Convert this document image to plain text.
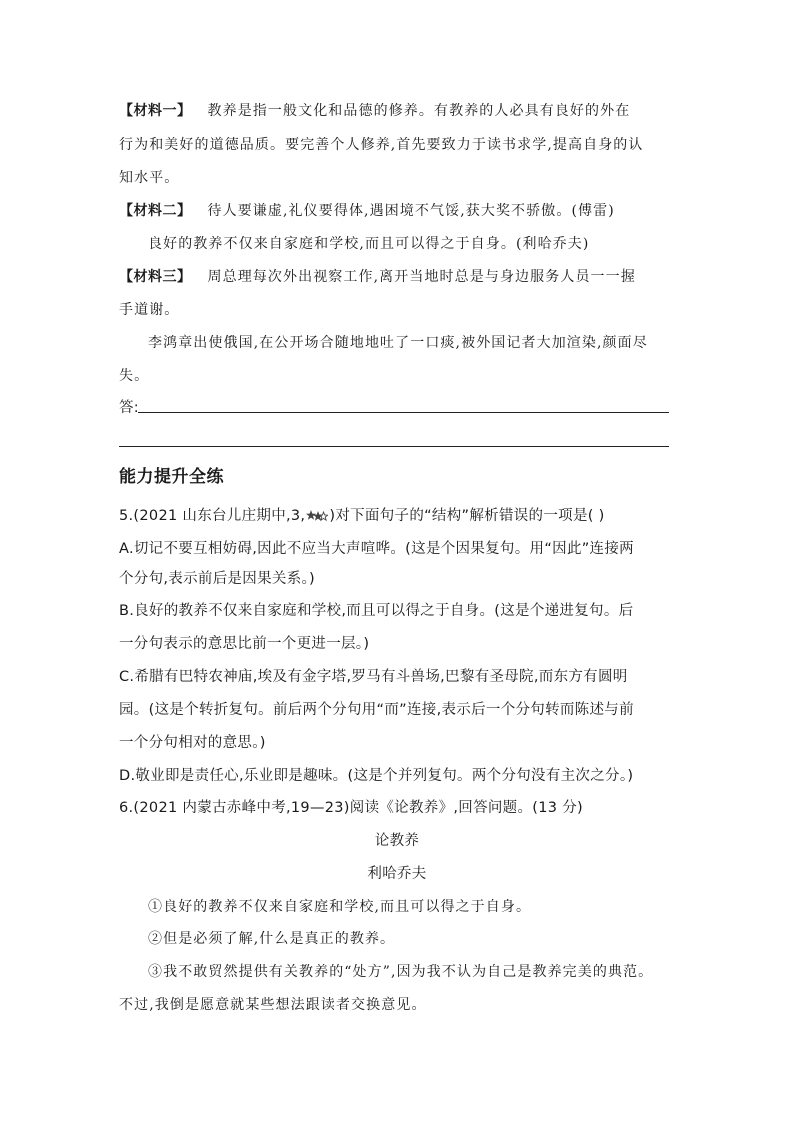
【材料一】 教养是指一般文化和品德的修养。有教养的人必具有良好的外在
行为和美好的道德品质。要完善个人修养,首先要致力于读书求学,提高自身的认
知水平。
【材料二】 待人要谦虚,礼仪要得体,遇困境不气馁,获大奖不骄傲。(傅雷)
良好的教养不仅来自家庭和学校,而且可以得之于自身。(利哈乔夫)
【材料三】 周总理每次外出视察工作,离开当地时总是与身边服务人员一一握
手道谢。
李鸿章出使俄国,在公开场合随地地吐了一口痰,被外国记者大加渲染,颜面尽
失。
答:
能力提升全练
5.(2021 山东台儿庄期中,3, )对下面句子的“结构”解析错误的一项是( )
A.切记不要互相妨碍,因此不应当大声喧哗。(这是个因果复句。用“因此”连接两
个分句,表示前后是因果关系。)
B.良好的教养不仅来自家庭和学校,而且可以得之于自身。(这是个递进复句。后
一分句表示的意思比前一个更进一层。)
C.希腊有巴特农神庙,埃及有金字塔,罗马有斗兽场,巴黎有圣母院,而东方有圆明
园。(这是个转折复句。前后两个分句用“而”连接,表示后一个分句转而陈述与前
一个分句相对的意思。)
D.敬业即是责任心,乐业即是趣味。(这是个并列复句。两个分句没有主次之分。)
6.(2021 内蒙古赤峰中考,19—23)阅读《论教养》,回答问题。(13 分)
论教养
利哈乔夫
①良好的教养不仅来自家庭和学校,而且可以得之于自身。
②但是必须了解,什么是真正的教养。
③我不敢贸然提供有关教养的“处方”,因为我不认为自己是教养完美的典范。
不过,我倒是愿意就某些想法跟读者交换意见。
